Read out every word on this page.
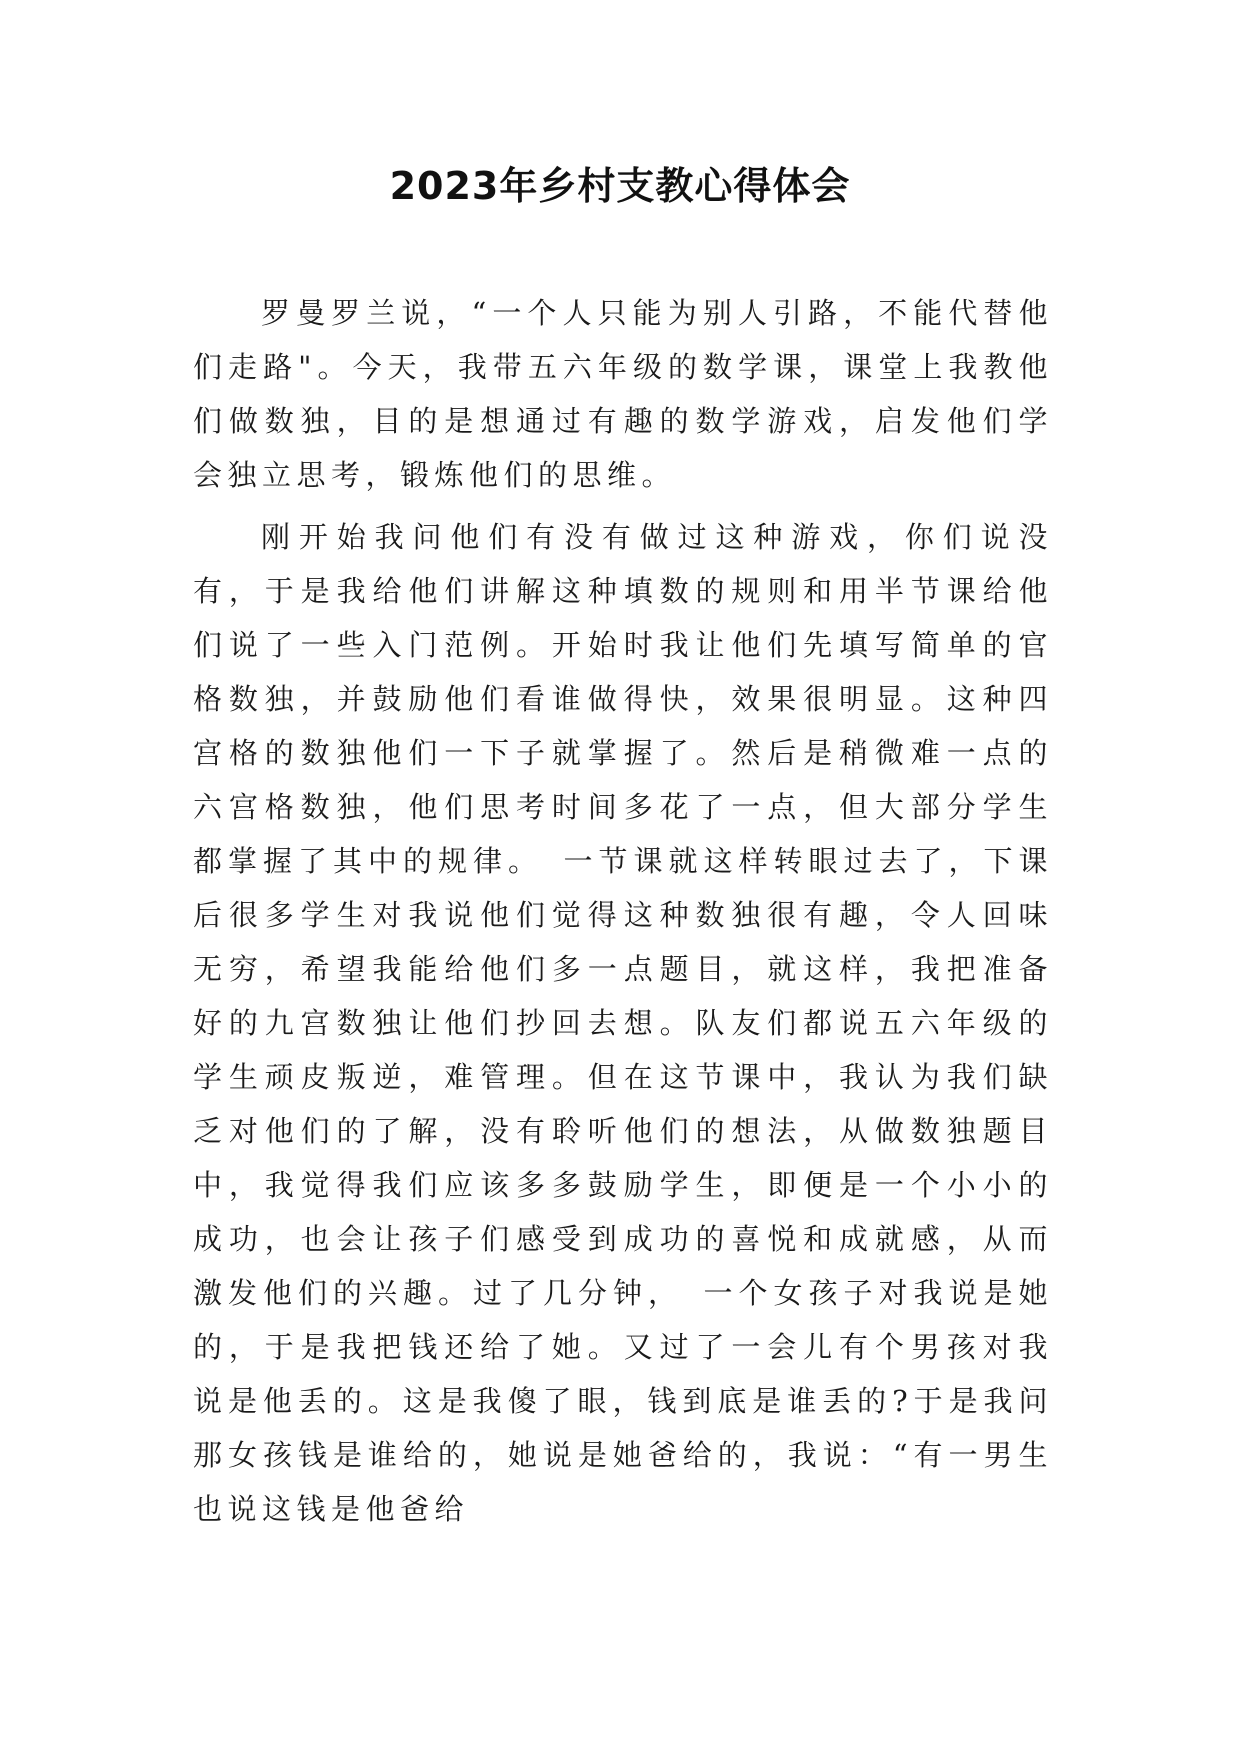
2023年乡村支教心得体会

罗曼罗兰说，“一个人只能为别人引路，不能代替他们走路"。今天，我带五六年级的数学课，课堂上我教他们做数独，目的是想通过有趣的数学游戏，启发他们学会独立思考，锻炼他们的思维。

刚开始我问他们有没有做过这种游戏，你们说没有，于是我给他们讲解这种填数的规则和用半节课给他们说了一些入门范例。开始时我让他们先填写简单的官格数独，并鼓励他们看谁做得快，效果很明显。这种四宫格的数独他们一下子就掌握了。然后是稍微难一点的六宫格数独，他们思考时间多花了一点，但大部分学生都掌握了其中的规律。　一节课就这样转眼过去了，下课后很多学生对我说他们觉得这种数独很有趣，令人回味无穷，希望我能给他们多一点题目，就这样，我把准备好的九宫数独让他们抄回去想。队友们都说五六年级的学生顽皮叛逆，难管理。但在这节课中，我认为我们缺乏对他们的了解，没有聆听他们的想法，从做数独题目中，我觉得我们应该多多鼓励学生，即便是一个小小的成功，也会让孩子们感受到成功的喜悦和成就感，从而激发他们的兴趣。过了几分钟，　一个女孩子对我说是她的，于是我把钱还给了她。又过了一会儿有个男孩对我说是他丢的。这是我傻了眼，钱到底是谁丢的?于是我问那女孩钱是谁给的，她说是她爸给的，我说：“有一男生也说这钱是他爸给
